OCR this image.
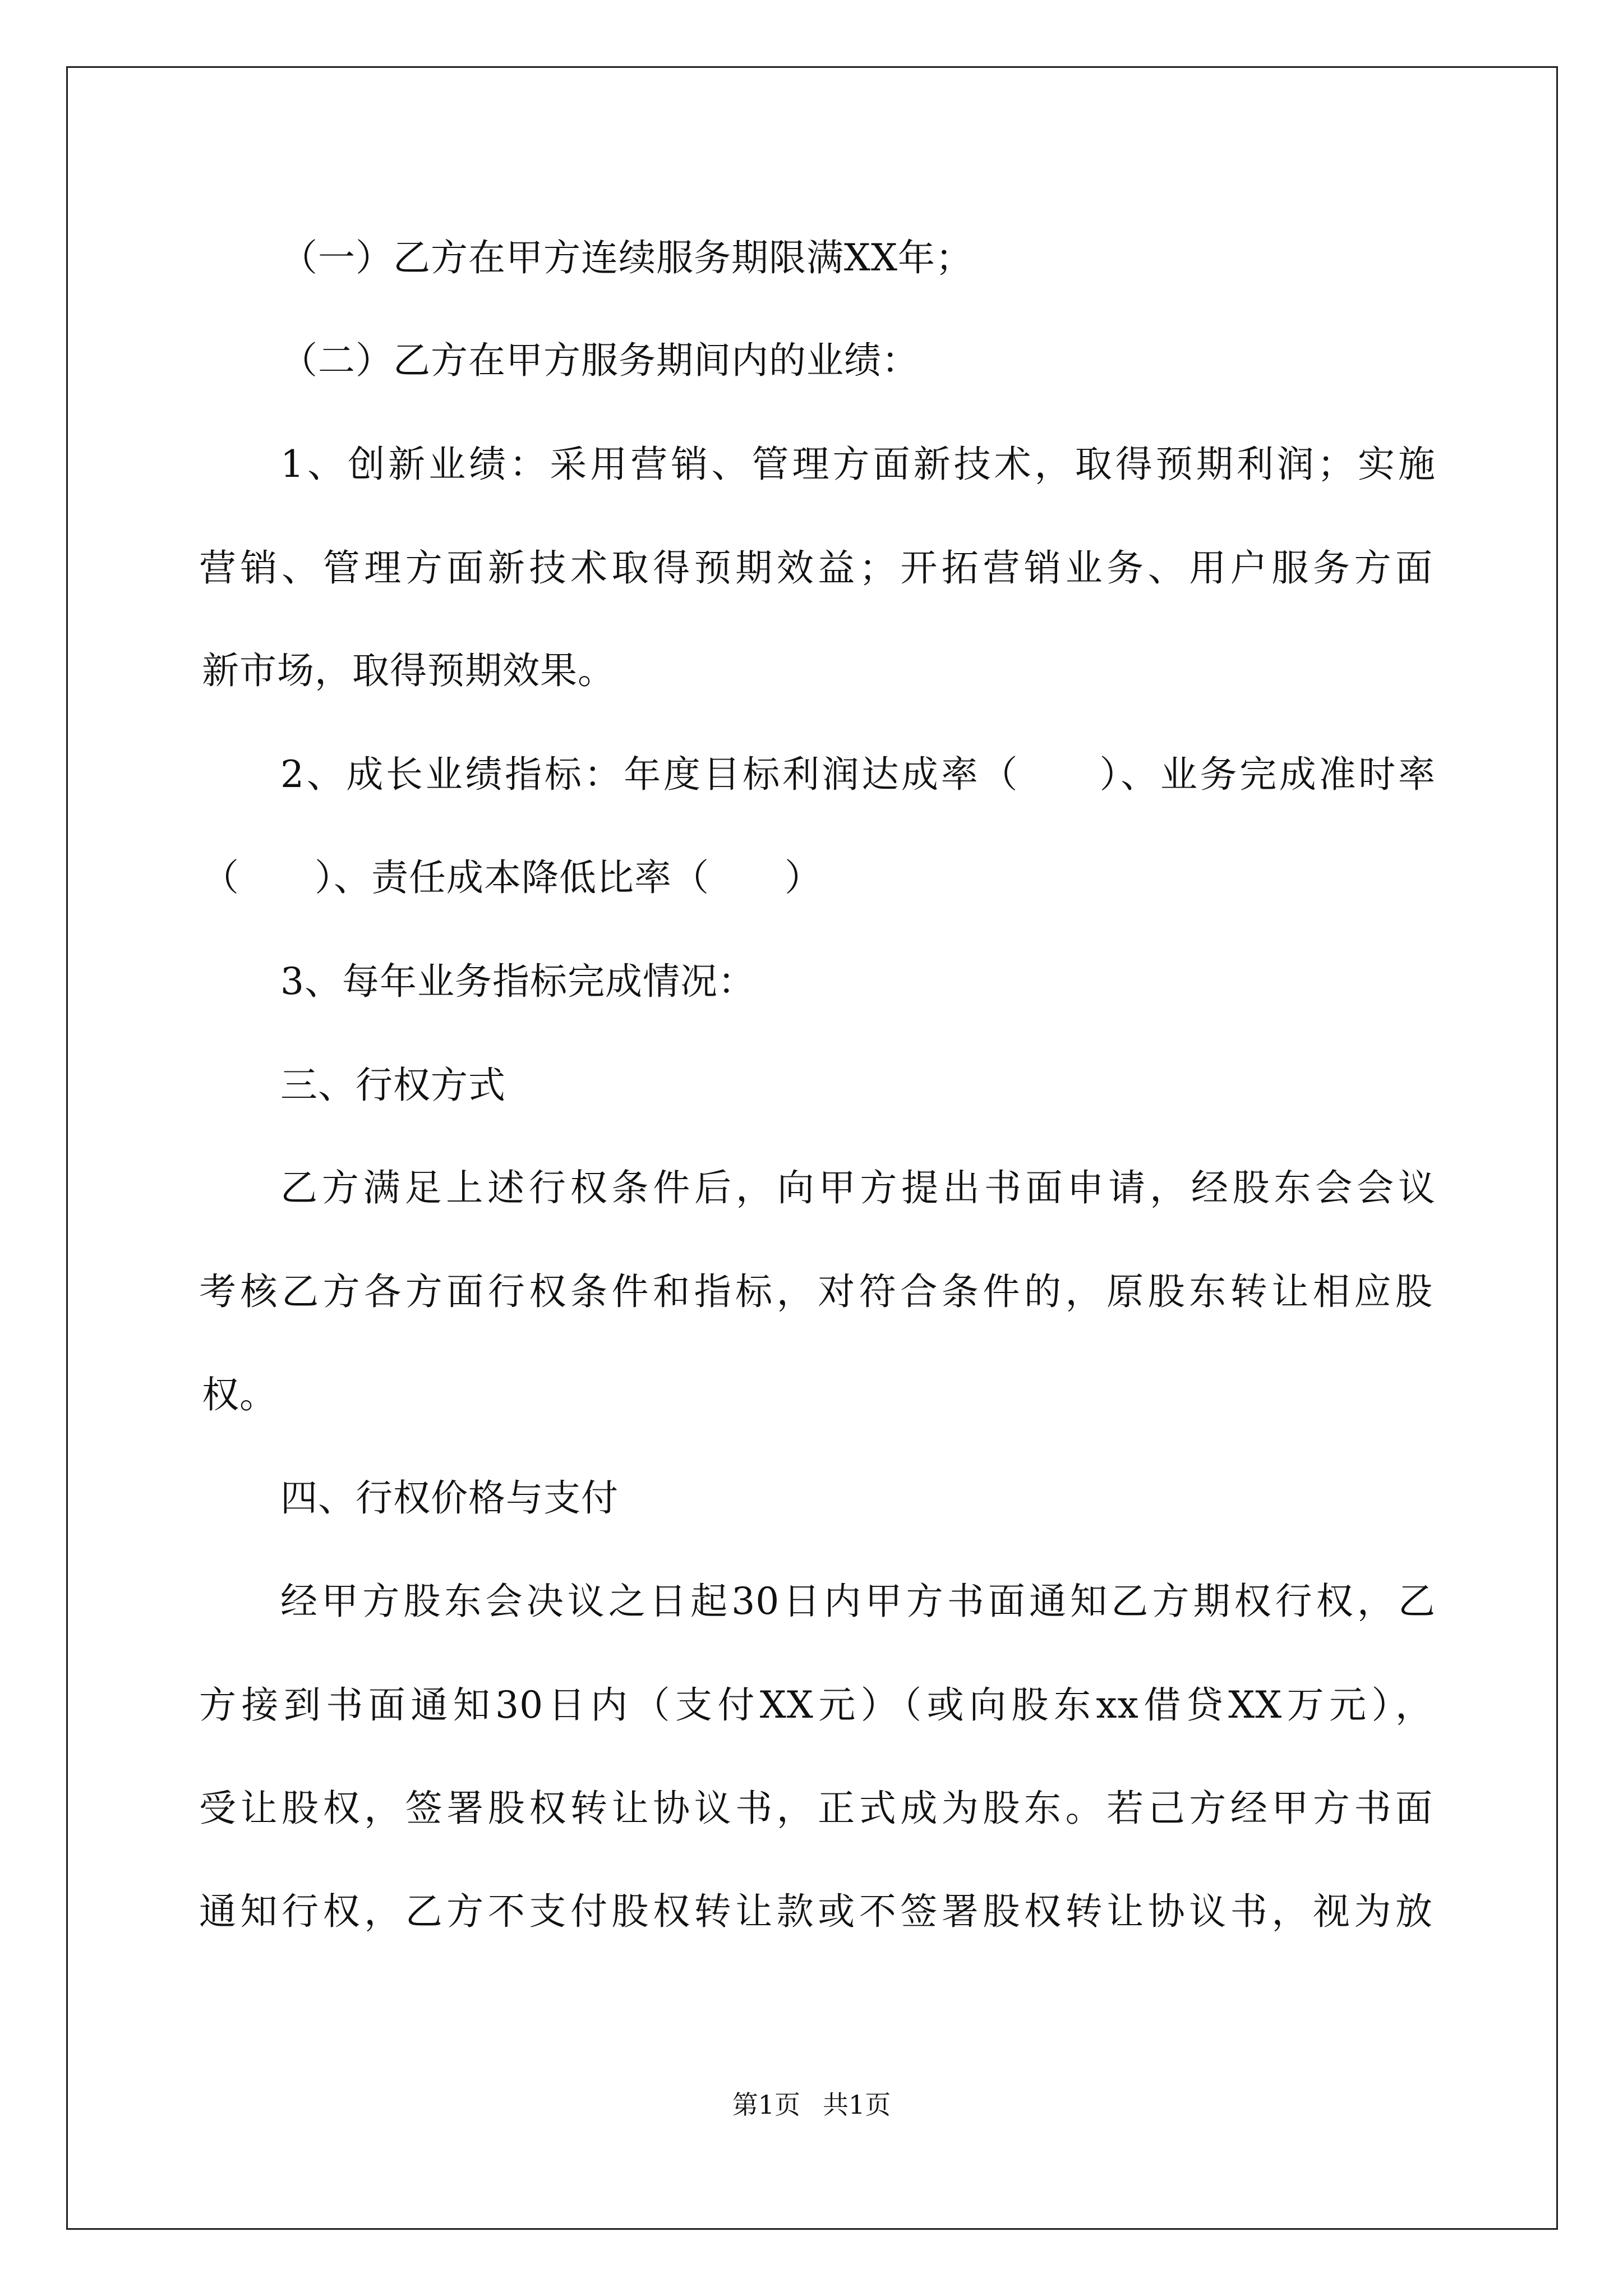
（一）乙方在甲方连续服务期限满XX年；
（二）乙方在甲方服务期间内的业绩：
1、创新业绩：采用营销、管理方面新技术，取得预期利润；实施
营销、管理方面新技术取得预期效益；开拓营销业务、用户服务方面
新市场，取得预期效果。
2、成长业绩指标：年度目标利润达成率（　　）、业务完成准时率
（　　）、责任成本降低比率（　　）
3、每年业务指标完成情况：
三、行权方式
乙方满足上述行权条件后，向甲方提出书面申请，经股东会会议
考核乙方各方面行权条件和指标，对符合条件的，原股东转让相应股
权。
四、行权价格与支付
经甲方股东会决议之日起30日内甲方书面通知乙方期权行权，乙
方接到书面通知30日内（支付XX元）（或向股东xx借贷XX万元），
受让股权，签署股权转让协议书，正式成为股东。若己方经甲方书面
通知行权，乙方不支付股权转让款或不签署股权转让协议书，视为放
第1页 共1页
